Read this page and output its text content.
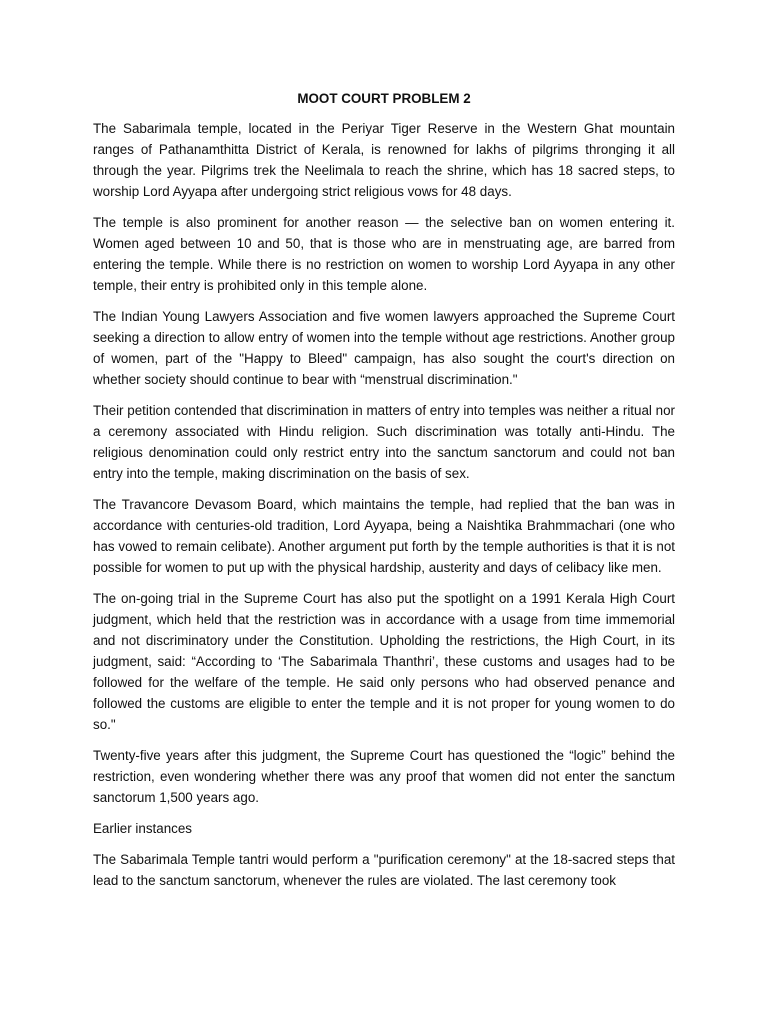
MOOT COURT PROBLEM 2

The Sabarimala temple, located in the Periyar Tiger Reserve in the Western Ghat mountain ranges of Pathanamthitta District of Kerala, is renowned for lakhs of pilgrims thronging it all through the year. Pilgrims trek the Neelimala to reach the shrine, which has 18 sacred steps, to worship Lord Ayyapa after undergoing strict religious vows for 48 days.

The temple is also prominent for another reason — the selective ban on women entering it. Women aged between 10 and 50, that is those who are in menstruating age, are barred from entering the temple. While there is no restriction on women to worship Lord Ayyapa in any other temple, their entry is prohibited only in this temple alone.

The Indian Young Lawyers Association and five women lawyers approached the Supreme Court seeking a direction to allow entry of women into the temple without age restrictions. Another group of women, part of the "Happy to Bleed" campaign, has also sought the court's direction on whether society should continue to bear with “menstrual discrimination."

Their petition contended that discrimination in matters of entry into temples was neither a ritual nor a ceremony associated with Hindu religion. Such discrimination was totally anti-Hindu. The religious denomination could only restrict entry into the sanctum sanctorum and could not ban entry into the temple, making discrimination on the basis of sex.

The Travancore Devasom Board, which maintains the temple, had replied that the ban was in accordance with centuries-old tradition, Lord Ayyapa, being a Naishtika Brahmmachari (one who has vowed to remain celibate). Another argument put forth by the temple authorities is that it is not possible for women to put up with the physical hardship, austerity and days of celibacy like men.

The on-going trial in the Supreme Court has also put the spotlight on a 1991 Kerala High Court judgment, which held that the restriction was in accordance with a usage from time immemorial and not discriminatory under the Constitution. Upholding the restrictions, the High Court, in its judgment, said: “According to ‘The Sabarimala Thanthri’, these customs and usages had to be followed for the welfare of the temple. He said only persons who had observed penance and followed the customs are eligible to enter the temple and it is not proper for young women to do so."

Twenty-five years after this judgment, the Supreme Court has questioned the “logic” behind the restriction, even wondering whether there was any proof that women did not enter the sanctum sanctorum 1,500 years ago.

Earlier instances

The Sabarimala Temple tantri would perform a "purification ceremony" at the 18-sacred steps that lead to the sanctum sanctorum, whenever the rules are violated. The last ceremony took
